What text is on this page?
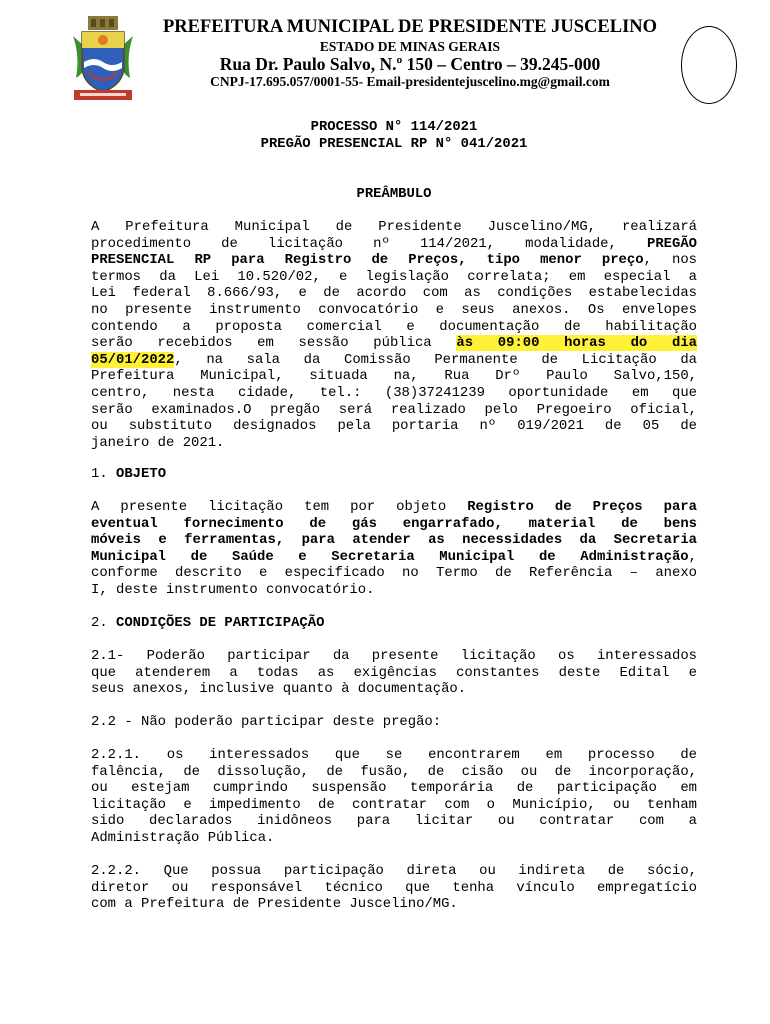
PREFEITURA MUNICIPAL DE PRESIDENTE JUSCELINO
ESTADO DE MINAS GERAIS
Rua Dr. Paulo Salvo, N.º 150 – Centro – 39.245-000
CNPJ-17.695.057/0001-55- Email-presidentejuscelino.mg@gmail.com
PROCESSO N° 114/2021
PREGÃO PRESENCIAL RP N° 041/2021
PREÂMBULO
A Prefeitura Municipal de Presidente Juscelino/MG, realizará
procedimento de licitação nº 114/2021, modalidade, PREGÃO
PRESENCIAL RP para Registro de Preços, tipo menor preço, nos
termos da Lei 10.520/02, e legislação correlata; em especial a
Lei federal 8.666/93, e de acordo com as condições estabelecidas
no presente instrumento convocatório e seus anexos. Os envelopes
contendo a proposta comercial e documentação de habilitação
serão recebidos em sessão pública às 09:00 horas do dia
05/01/2022, na sala da Comissão Permanente de Licitação da
Prefeitura Municipal, situada na, Rua Drº Paulo Salvo,150,
centro, nesta cidade, tel.: (38)37241239 oportunidade em que
serão examinados.O pregão será realizado pelo Pregoeiro oficial,
ou substituto designados pela portaria nº 019/2021 de 05 de
janeiro de 2021.
1. OBJETO
A presente licitação tem por objeto Registro de Preços para
eventual fornecimento de gás engarrafado, material de bens
móveis e ferramentas, para atender as necessidades da Secretaria
Municipal de Saúde e Secretaria Municipal de Administração,
conforme descrito e especificado no Termo de Referência – anexo
I, deste instrumento convocatório.
2. CONDIÇÕES DE PARTICIPAÇÃO
2.1- Poderão participar da presente licitação os interessados
que atenderem a todas as exigências constantes deste Edital e
seus anexos, inclusive quanto à documentação.
2.2 - Não poderão participar deste pregão:
2.2.1. os interessados que se encontrarem em processo de
falência, de dissolução, de fusão, de cisão ou de incorporação,
ou estejam cumprindo suspensão temporária de participação em
licitação e impedimento de contratar com o Município, ou tenham
sido declarados inidôneos para licitar ou contratar com a
Administração Pública.
2.2.2. Que possua participação direta ou indireta de sócio,
diretor ou responsável técnico que tenha vínculo empregatício
com a Prefeitura de Presidente Juscelino/MG.
